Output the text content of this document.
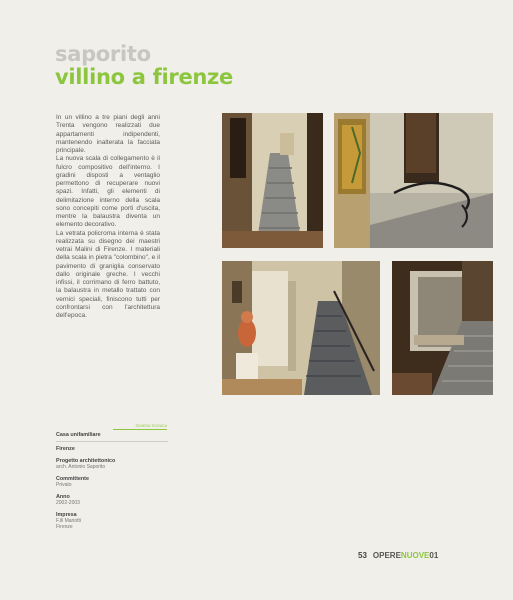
saporito
villino a firenze

In un villino a tre piani degli anni Trenta vengono realizzati due appartamenti indipendenti, mantenendo inalterata la facciata principale.

La nuova scala di collegamento è il fulcro compositivo dell'interno. I gradini disposti a ventaglio permettono di recuperare nuovi spazi. Infatti, gli elementi di delimitazione interno della scala sono concepiti come porti d'uscita, mentre la balaustra diventa un elemento decorativo.

La vetrata policroma interna è stata realizzata su disegno dei maestri vetrai Malini di Firenze. I materiali della scala in pietra "colombino", e il pavimento di graniglia conservato dallo originale greche. I vecchi infissi, il corrimano di ferro battuto, la balaustra in metallo trattato con vernici speciali, finiscono tutti per confrontarsi con l'architettura dell'epoca.

SCHEDA TECNICA
Casa unifamiliare
Firenze
Progetto architettonico
arch. Antonio Saporito
Committente
Privato
Anno
2002-2003
Impresa
F.lli Mariotti
Firenze
53 OPERENUOVE01
